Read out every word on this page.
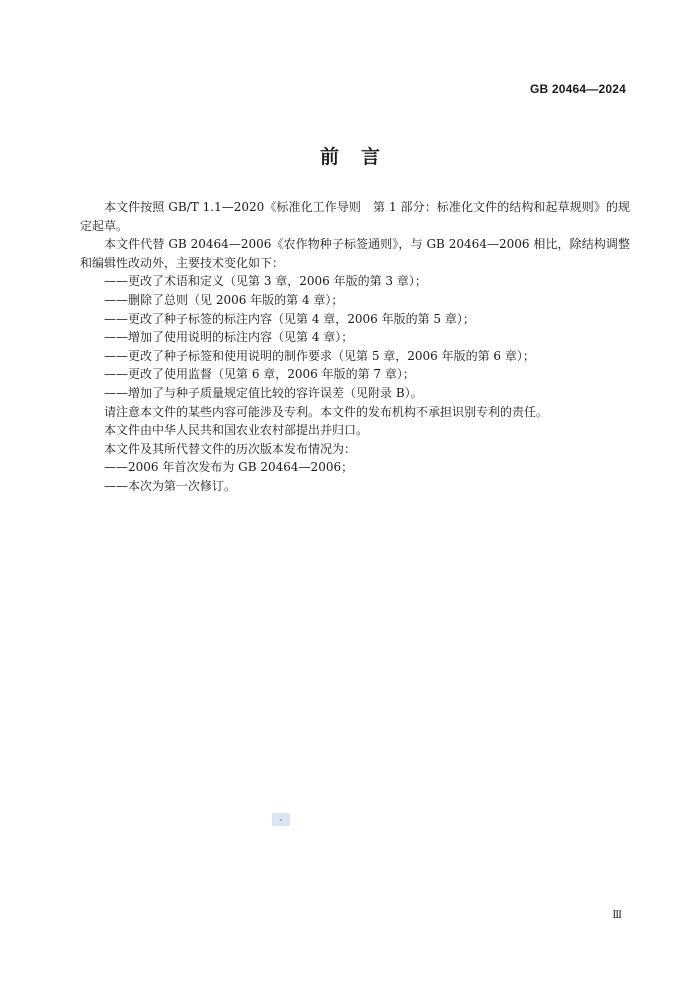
GB 20464—2024
前言

本文件按照 GB/T 1.1—2020《标准化工作导则　第 1 部分：标准化文件的结构和起草规则》的规定起草。

本文件代替 GB 20464—2006《农作物种子标签通则》，与 GB 20464—2006 相比，除结构调整和编辑性改动外，主要技术变化如下：

——更改了术语和定义（见第 3 章，2006 年版的第 3 章）；

——删除了总则（见 2006 年版的第 4 章）；

——更改了种子标签的标注内容（见第 4 章，2006 年版的第 5 章）；

——增加了使用说明的标注内容（见第 4 章）；

——更改了种子标签和使用说明的制作要求（见第 5 章，2006 年版的第 6 章）；

——更改了使用监督（见第 6 章，2006 年版的第 7 章）；

——增加了与种子质量规定值比较的容许误差（见附录 B）。

请注意本文件的某些内容可能涉及专利。本文件的发布机构不承担识别专利的责任。

本文件由中华人民共和国农业农村部提出并归口。

本文件及其所代替文件的历次版本发布情况为：

——2006 年首次发布为 GB 20464—2006；

——本次为第一次修订。

◆
Ⅲ
